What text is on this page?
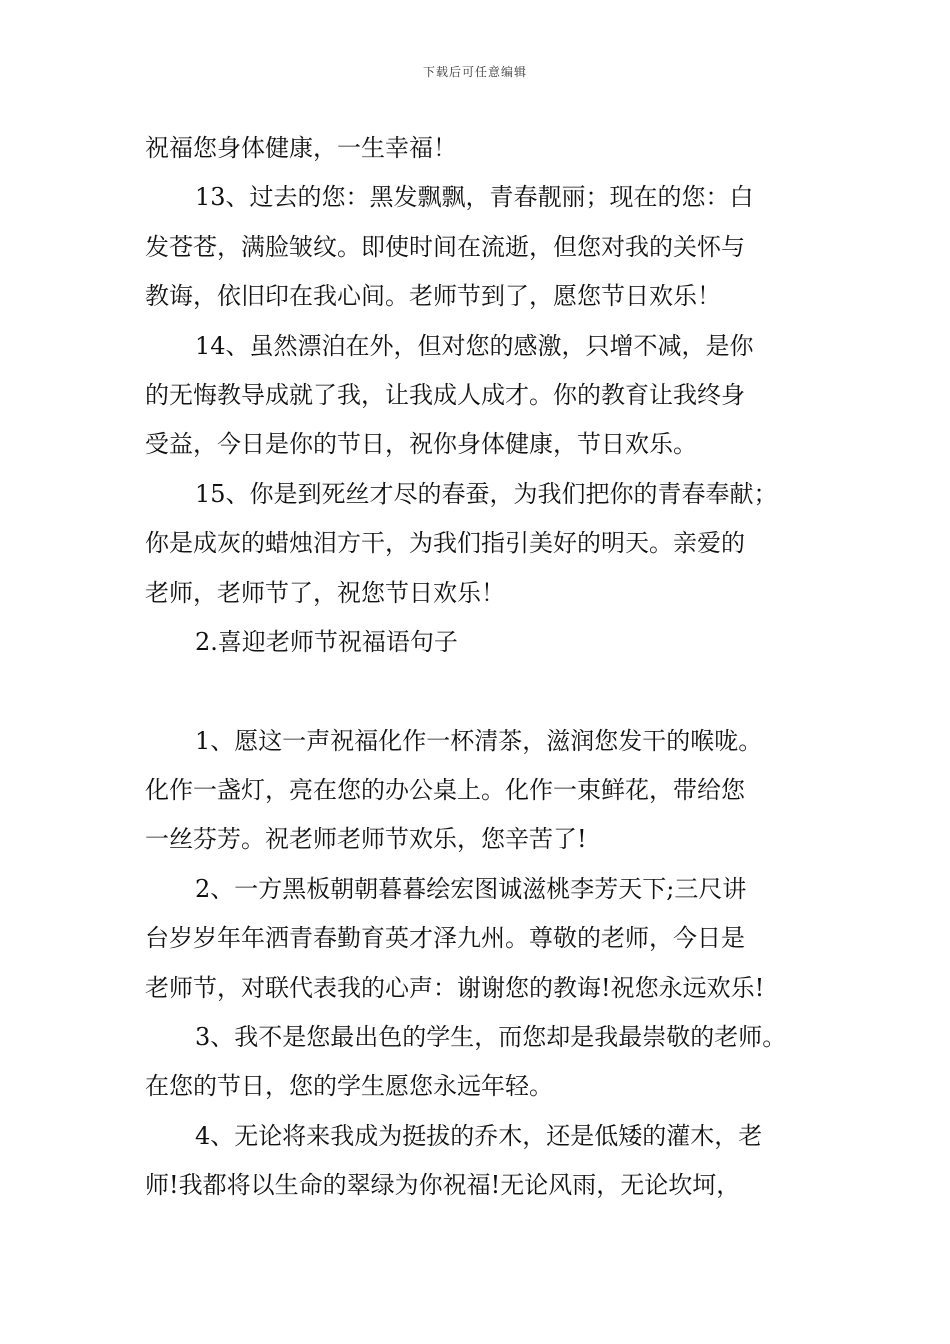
下载后可任意编辑
祝福您身体健康，一生幸福！
13、过去的您：黑发飘飘，青春靓丽；现在的您：白
发苍苍，满脸皱纹。即使时间在流逝，但您对我的关怀与
教诲，依旧印在我心间。老师节到了，愿您节日欢乐！
14、虽然漂泊在外，但对您的感激，只增不减，是你
的无悔教导成就了我，让我成人成才。你的教育让我终身
受益，今日是你的节日，祝你身体健康，节日欢乐。
15、你是到死丝才尽的春蚕，为我们把你的青春奉献；
你是成灰的蜡烛泪方干，为我们指引美好的明天。亲爱的
老师，老师节了，祝您节日欢乐！
2.喜迎老师节祝福语句子
1、愿这一声祝福化作一杯清茶，滋润您发干的喉咙。
化作一盏灯，亮在您的办公桌上。化作一束鲜花，带给您
一丝芬芳。祝老师老师节欢乐，您辛苦了!
2、一方黑板朝朝暮暮绘宏图诚滋桃李芳天下;三尺讲
台岁岁年年洒青春勤育英才泽九州。尊敬的老师，今日是
老师节，对联代表我的心声：谢谢您的教诲!祝您永远欢乐!
3、我不是您最出色的学生，而您却是我最崇敬的老师。
在您的节日，您的学生愿您永远年轻。
4、无论将来我成为挺拔的乔木，还是低矮的灌木，老
师!我都将以生命的翠绿为你祝福!无论风雨，无论坎坷，
